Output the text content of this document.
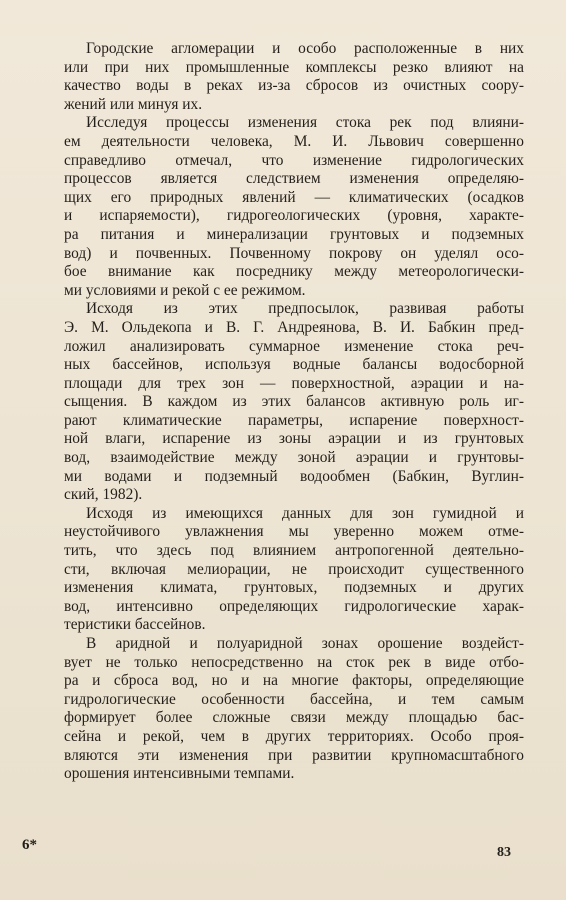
Городские агломерации и особо расположенные в них
или при них промышленные комплексы резко влияют на
качество воды в реках из-за сбросов из очистных соору-
жений или минуя их.
Исследуя процессы изменения стока рек под влияни-
ем деятельности человека, М. И. Львович совершенно
справедливо отмечал, что изменение гидрологических
процессов является следствием изменения определяю-
щих его природных явлений — климатических (осадков
и испаряемости), гидрогеологических (уровня, характе-
ра питания и минерализации грунтовых и подземных
вод) и почвенных. Почвенному покрову он уделял осо-
бое внимание как посреднику между метеорологически-
ми условиями и рекой с ее режимом.
Исходя из этих предпосылок, развивая работы
Э. М. Ольдекопа и В. Г. Андреянова, В. И. Бабкин пред-
ложил анализировать суммарное изменение стока реч-
ных бассейнов, используя водные балансы водосборной
площади для трех зон — поверхностной, аэрации и на-
сыщения. В каждом из этих балансов активную роль иг-
рают климатические параметры, испарение поверхност-
ной влаги, испарение из зоны аэрации и из грунтовых
вод, взаимодействие между зоной аэрации и грунтовы-
ми водами и подземный водообмен (Бабкин, Вуглин-
ский, 1982).
Исходя из имеющихся данных для зон гумидной и
неустойчивого увлажнения мы уверенно можем отме-
тить, что здесь под влиянием антропогенной деятельно-
сти, включая мелиорации, не происходит существенного
изменения климата, грунтовых, подземных и других
вод, интенсивно определяющих гидрологические харак-
теристики бассейнов.
В аридной и полуаридной зонах орошение воздейст-
вует не только непосредственно на сток рек в виде отбо-
ра и сброса вод, но и на многие факторы, определяющие
гидрологические особенности бассейна, и тем самым
формирует более сложные связи между площадью бас-
сейна и рекой, чем в других территориях. Особо проя-
вляются эти изменения при развитии крупномасштабного
орошения интенсивными темпами.
6*	83
